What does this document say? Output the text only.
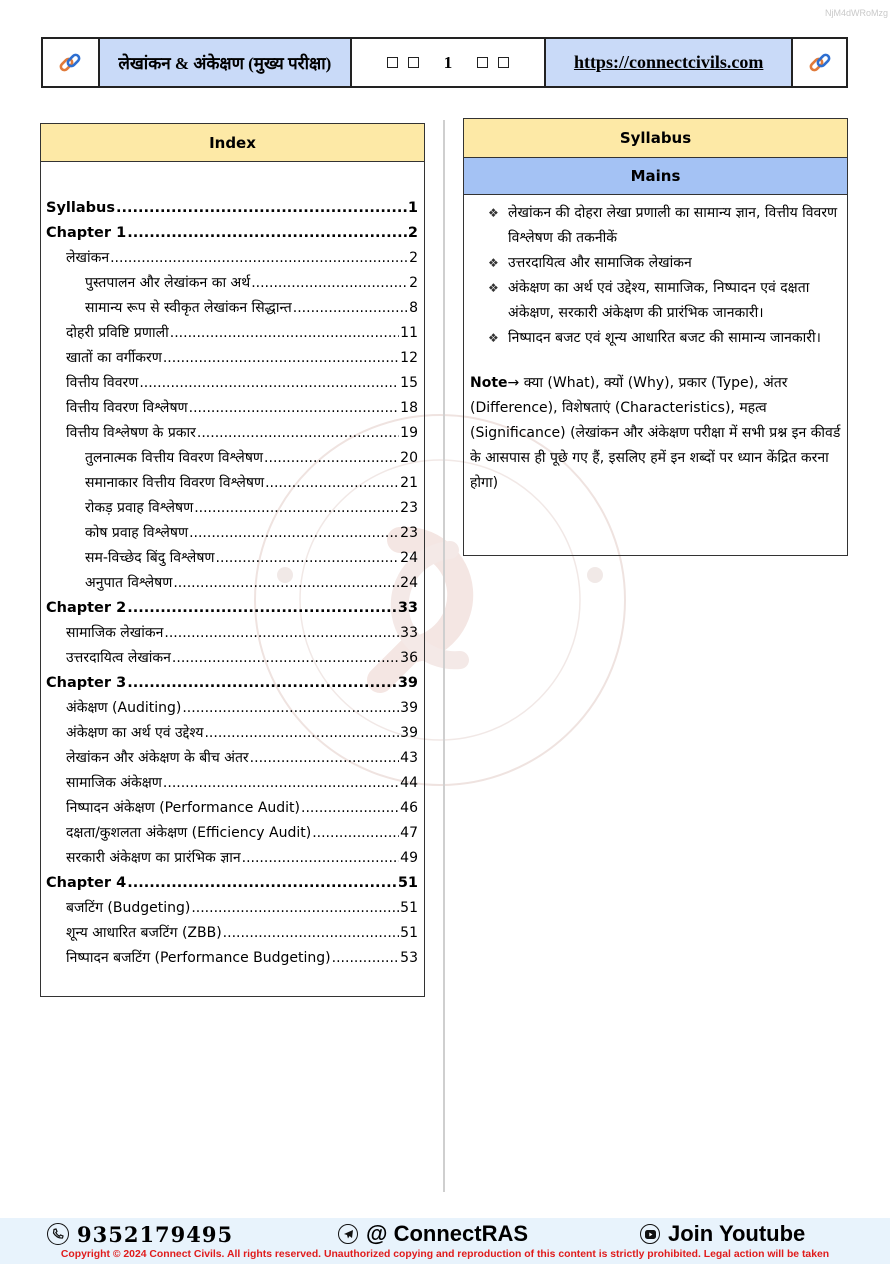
NjM4dWRoMzg
लेखांकन & अंकेक्षण (मुख्य परीक्षा)	1	https://connectcivils.com
Index
Syllabus .....	1
Chapter 1 .....	2
लेखांकन .....	2
पुस्तपालन और लेखांकन का अर्थ .....	2
सामान्य रूप से स्वीकृत लेखांकन सिद्धान्त .....	8
दोहरी प्रविष्टि प्रणाली .....	11
खातों का वर्गीकरण .....	12
वित्तीय विवरण .....	15
वित्तीय विवरण विश्लेषण .....	18
वित्तीय विश्लेषण के प्रकार .....	19
तुलनात्मक वित्तीय विवरण विश्लेषण .....	20
समानाकार वित्तीय विवरण विश्लेषण .....	21
रोकड़ प्रवाह विश्लेषण .....	23
कोष प्रवाह विश्लेषण .....	23
सम-विच्छेद बिंदु विश्लेषण .....	24
अनुपात विश्लेषण .....	24
Chapter 2 .....	33
सामाजिक लेखांकन .....	33
उत्तरदायित्व लेखांकन .....	36
Chapter 3 .....	39
अंकेक्षण (Auditing) .....	39
अंकेक्षण का अर्थ एवं उद्देश्य .....	39
लेखांकन और अंकेक्षण के बीच अंतर .....	43
सामाजिक अंकेक्षण .....	44
निष्पादन अंकेक्षण (Performance Audit) .....	46
दक्षता/कुशलता अंकेक्षण (Efficiency Audit) .....	47
सरकारी अंकेक्षण का प्रारंभिक ज्ञान .....	49
Chapter 4 .....	51
बजटिंग (Budgeting) .....	51
शून्य आधारित बजटिंग (ZBB) .....	51
निष्पादन बजटिंग (Performance Budgeting) .....	53
Syllabus
Mains
❖ लेखांकन की दोहरा लेखा प्रणाली का सामान्य ज्ञान, वित्तीय विवरण विश्लेषण की तकनीकें
❖ उत्तरदायित्व और सामाजिक लेखांकन
❖ अंकेक्षण का अर्थ एवं उद्देश्य, सामाजिक, निष्पादन एवं दक्षता अंकेक्षण, सरकारी अंकेक्षण की प्रारंभिक जानकारी।
❖ निष्पादन बजट एवं शून्य आधारित बजट की सामान्य जानकारी।
Note→ क्या (What), क्यों (Why), प्रकार (Type), अंतर (Difference), विशेषताएं (Characteristics), महत्व (Significance) (लेखांकन और अंकेक्षण परीक्षा में सभी प्रश्न इन कीवर्ड के आसपास ही पूछे गए हैं, इसलिए हमें इन शब्दों पर ध्यान केंद्रित करना होगा)
9352179495	@ ConnectRAS	Join Youtube
Copyright © 2024 Connect Civils. All rights reserved. Unauthorized copying and reproduction of this content is strictly prohibited. Legal action will be taken
